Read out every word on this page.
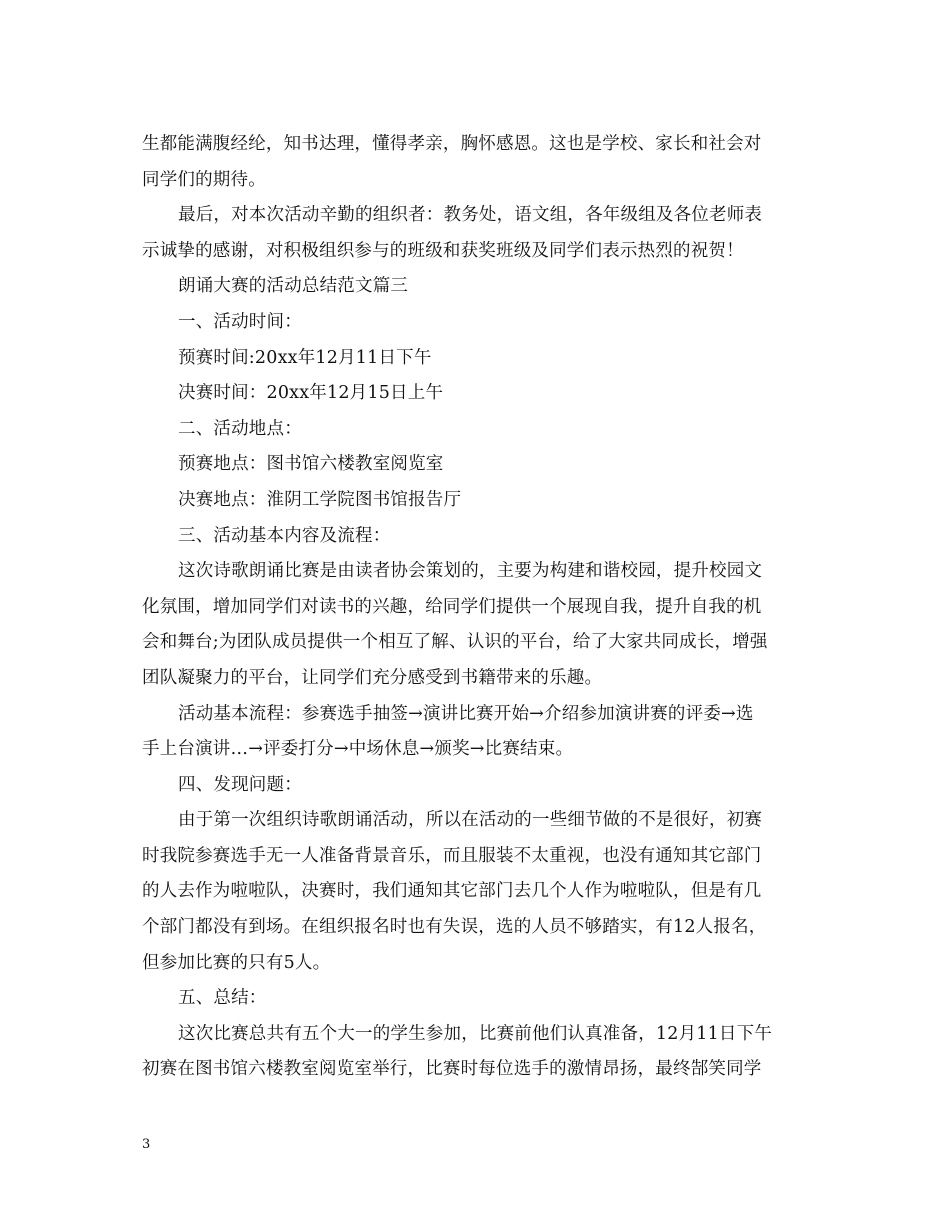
生都能满腹经纶，知书达理，懂得孝亲，胸怀感恩。这也是学校、家长和社会对
同学们的期待。
最后，对本次活动辛勤的组织者：教务处，语文组，各年级组及各位老师表
示诚挚的感谢，对积极组织参与的班级和获奖班级及同学们表示热烈的祝贺！
朗诵大赛的活动总结范文篇三
一、活动时间：
预赛时间:20xx年12月11日下午
决赛时间：20xx年12月15日上午
二、活动地点：
预赛地点：图书馆六楼教室阅览室
决赛地点：淮阴工学院图书馆报告厅
三、活动基本内容及流程：
这次诗歌朗诵比赛是由读者协会策划的，主要为构建和谐校园，提升校园文
化氛围，增加同学们对读书的兴趣，给同学们提供一个展现自我，提升自我的机
会和舞台;为团队成员提供一个相互了解、认识的平台，给了大家共同成长，增强
团队凝聚力的平台，让同学们充分感受到书籍带来的乐趣。
活动基本流程：参赛选手抽签→演讲比赛开始→介绍参加演讲赛的评委→选
手上台演讲…→评委打分→中场休息→颁奖→比赛结束。
四、发现问题：
由于第一次组织诗歌朗诵活动，所以在活动的一些细节做的不是很好，初赛
时我院参赛选手无一人准备背景音乐，而且服装不太重视，也没有通知其它部门
的人去作为啦啦队，决赛时，我们通知其它部门去几个人作为啦啦队，但是有几
个部门都没有到场。在组织报名时也有失误，选的人员不够踏实，有12人报名，
但参加比赛的只有5人。
五、总结：
这次比赛总共有五个大一的学生参加，比赛前他们认真准备，12月11日下午
初赛在图书馆六楼教室阅览室举行，比赛时每位选手的激情昂扬，最终郜笑同学
3
